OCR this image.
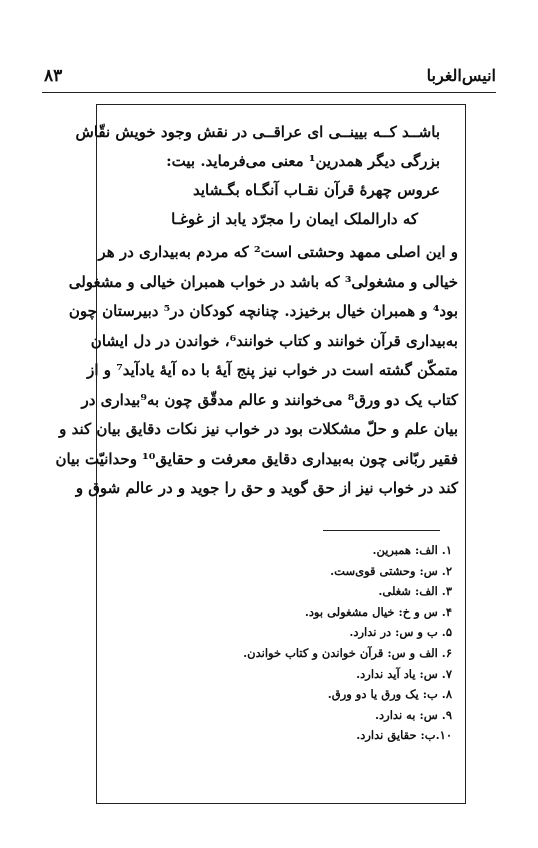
۸۳	انیس‌الغربا
باشــد کــه بیینــی ای عراقــی در نقش وجود خویش نقّاش
بزرگی دیگر همدرین¹ معنی می‌فرماید. بیت:
عروس چهرهٔ قرآن نقـاب آنگـاه بگـشاید
که دارالملک ایمان را مجرّد یابد از غوغـا
و این اصلی ممهد وحشتی است² که مردم به‌بیداری در هر
خیالی و مشغولی³ که باشد در خواب همبران خیالی و مشغولی
بود⁴ و همبران خیال برخیزد. چنانچه کودکان در⁵ دبیرستان چون
به‌بیداری قرآن خوانند و کتاب خوانند⁶، خواندن در دل ایشان
متمکّن گشته است در خواب نیز پنج آیهٔ با ده آیهٔ یادآید⁷ و از
کتاب یک دو ورق⁸ می‌خوانند و عالم مدقّق چون به⁹بیداری در
بیان علم و حلّ مشکلات بود در خواب نیز نکات دقایق بیان کند و
فقیر ربّانی چون به‌بیداری دقایق معرفت و حقایق¹⁰ وحدانیّت بیان
کند در خواب نیز از حق گوید و حق را جوید و در عالم شوق و
۱. الف: همبرین.
۲. س: وحشتی قوی‌ست.
۳. الف: شغلی.
۴. س و خ: خیال مشغولی بود.
۵. ب و س: در ندارد.
۶. الف و س: قرآن خواندن و کتاب خواندن.
۷. س: یاد آید ندارد.
۸. ب: یک ورق یا دو ورق.
۹. س: به ندارد.
۱۰.ب: حقایق ندارد.
